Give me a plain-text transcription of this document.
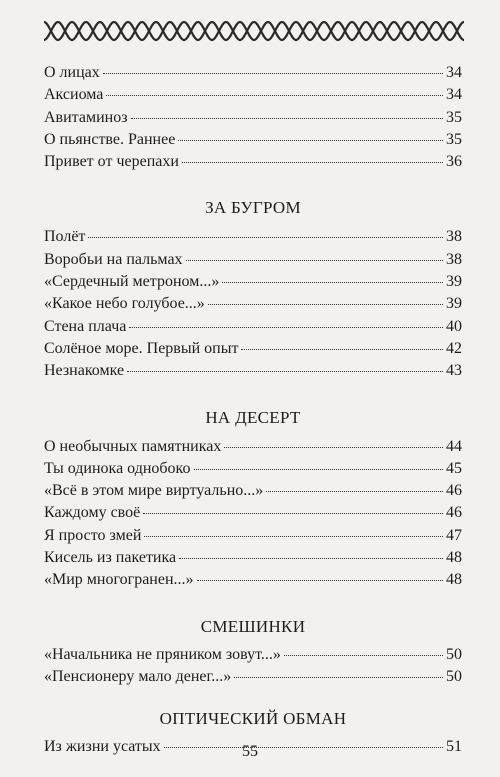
О лицах	34
Аксиома	34
Авитаминоз	35
О пьянстве. Раннее	35
Привет от черепахи	36
ЗА БУГРОМ
Полёт	38
Воробьи на пальмах	38
«Сердечный метроном...»	39
«Какое небо голубое...»	39
Стена плача	40
Солёное море. Первый опыт	42
Незнакомке	43
НА ДЕСЕРТ
О необычных памятниках	44
Ты одинока однобоко	45
«Всё в этом мире виртуально...»	46
Каждому своё	46
Я просто змей	47
Кисель из пакетика	48
«Мир многогранен...»	48
СМЕШИНКИ
«Начальника не пряником зовут...»	50
«Пенсионеру мало денег...»	50
ОПТИЧЕСКИЙ ОБМАН
Из жизни усатых	51
55
